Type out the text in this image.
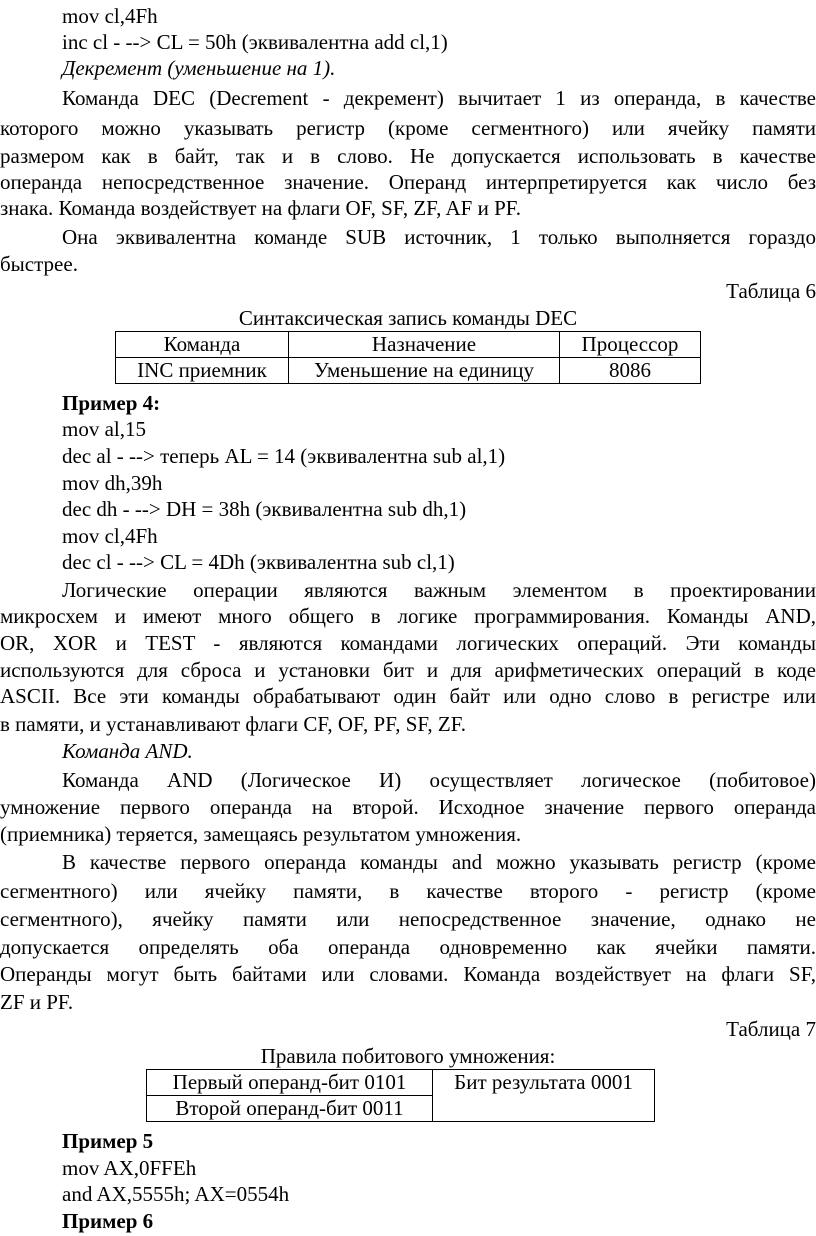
mov cl,4Fh
inc cl - --> CL = 50h (эквивалентна add cl,1)
Декремент (уменьшение на 1).
Команда DEC (Decrement - декремент) вычитает 1 из операнда, в качестве
которого можно указывать регистр (кроме сегментного) или ячейку памяти
размером как в байт, так и в слово. Не допускается использовать в качестве
операнда непосредственное значение. Операнд интерпретируется как число без
знака. Команда воздействует на флаги OF, SF, ZF, AF и PF.
Она эквивалентна команде SUB источник, 1 только выполняется гораздо
быстрее.
Таблица 6
Синтаксическая запись команды DEC
Команда	Назначение	Процессор
INC приемник	Уменьшение на единицу	8086
Пример 4:
mov al,15
dec al - --> теперь AL = 14 (эквивалентна sub al,1)
mov dh,39h
dec dh - --> DH = 38h (эквивалентна sub dh,1)
mov cl,4Fh
dec cl - --> CL = 4Dh (эквивалентна sub cl,1)
Логические операции являются важным элементом в проектировании
микросхем и имеют много общего в логике программирования. Команды AND,
OR, XOR и TEST - являются командами логических операций. Эти команды
используются для сброса и установки бит и для арифметических операций в коде
ASCII. Все эти команды обрабатывают один байт или одно слово в регистре или
в памяти, и устанавливают флаги CF, OF, PF, SF, ZF.
Команда AND.
Команда AND (Логическое И) осуществляет логическое (побитовое)
умножение первого операнда на второй. Исходное значение первого операнда
(приемника) теряется, замещаясь результатом умножения.
В качестве первого операнда команды and можно указывать регистр (кроме
сегментного) или ячейку памяти, в качестве второго - регистр (кроме
сегментного), ячейку памяти или непосредственное значение, однако не
допускается определять оба операнда одновременно как ячейки памяти.
Операнды могут быть байтами или словами. Команда воздействует на флаги SF,
ZF и PF.
Таблица 7
Правила побитового умножения:
Первый операнд-бит 0101	Бит результата 0001
Второй операнд-бит 0011
Пример 5
mov AX,0FFEh
and AX,5555h; AX=0554h
Пример 6
